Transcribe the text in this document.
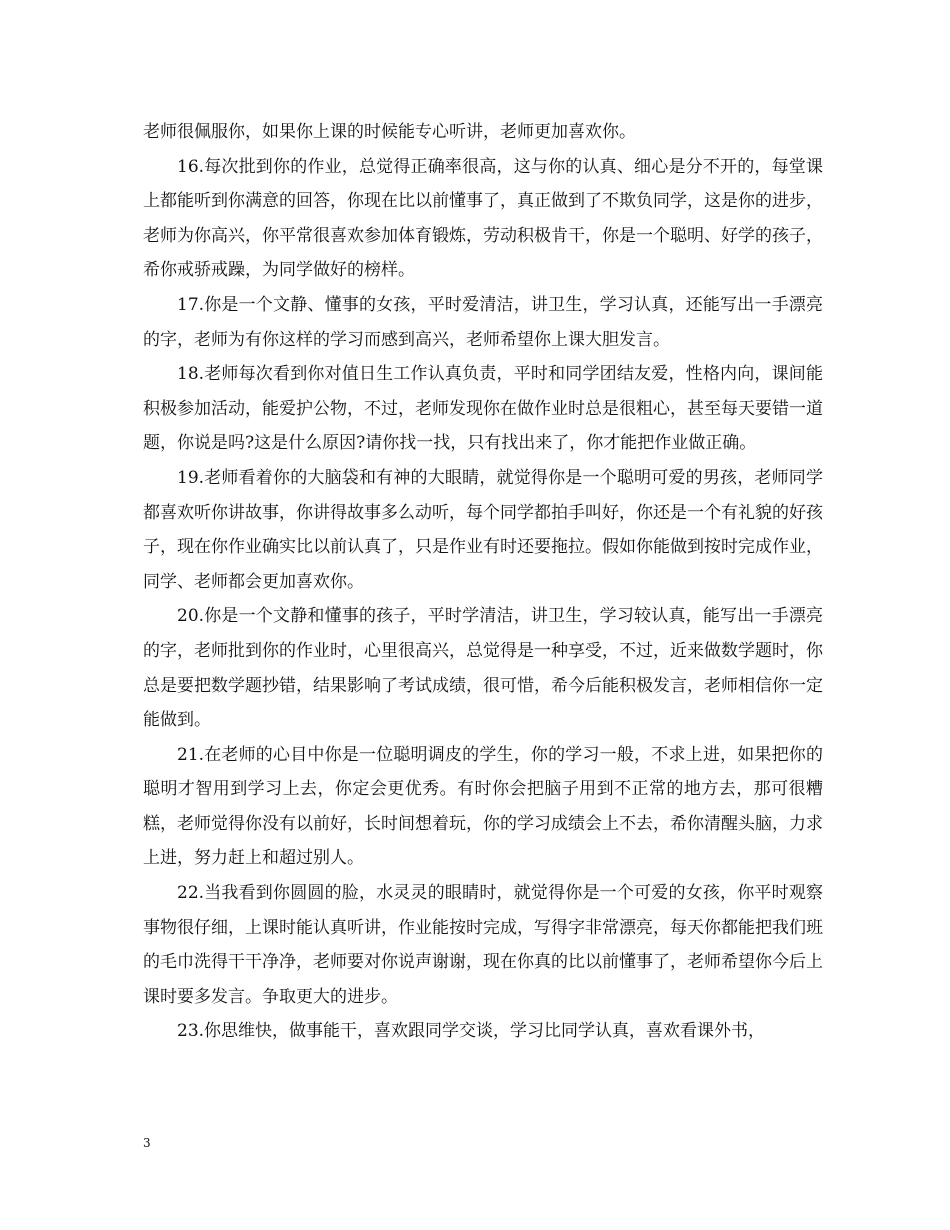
老师很佩服你，如果你上课的时候能专心听讲，老师更加喜欢你。

16.每次批到你的作业，总觉得正确率很高，这与你的认真、细心是分不开的，每堂课上都能听到你满意的回答，你现在比以前懂事了，真正做到了不欺负同学，这是你的进步，老师为你高兴，你平常很喜欢参加体育锻炼，劳动积极肯干，你是一个聪明、好学的孩子，希你戒骄戒躁，为同学做好的榜样。

17.你是一个文静、懂事的女孩，平时爱清洁，讲卫生，学习认真，还能写出一手漂亮的字，老师为有你这样的学习而感到高兴，老师希望你上课大胆发言。

18.老师每次看到你对值日生工作认真负责，平时和同学团结友爱，性格内向，课间能积极参加活动，能爱护公物，不过，老师发现你在做作业时总是很粗心，甚至每天要错一道题，你说是吗?这是什么原因?请你找一找，只有找出来了，你才能把作业做正确。

19.老师看着你的大脑袋和有神的大眼睛，就觉得你是一个聪明可爱的男孩，老师同学都喜欢听你讲故事，你讲得故事多么动听，每个同学都拍手叫好，你还是一个有礼貌的好孩子，现在你作业确实比以前认真了，只是作业有时还要拖拉。假如你能做到按时完成作业，同学、老师都会更加喜欢你。

20.你是一个文静和懂事的孩子，平时学清洁，讲卫生，学习较认真，能写出一手漂亮的字，老师批到你的作业时，心里很高兴，总觉得是一种享受，不过，近来做数学题时，你总是要把数学题抄错，结果影响了考试成绩，很可惜，希今后能积极发言，老师相信你一定能做到。

21.在老师的心目中你是一位聪明调皮的学生，你的学习一般，不求上进，如果把你的聪明才智用到学习上去，你定会更优秀。有时你会把脑子用到不正常的地方去，那可很糟糕，老师觉得你没有以前好，长时间想着玩，你的学习成绩会上不去，希你清醒头脑，力求上进，努力赶上和超过别人。

22.当我看到你圆圆的脸，水灵灵的眼睛时，就觉得你是一个可爱的女孩，你平时观察事物很仔细，上课时能认真听讲，作业能按时完成，写得字非常漂亮，每天你都能把我们班的毛巾洗得干干净净，老师要对你说声谢谢，现在你真的比以前懂事了，老师希望你今后上课时要多发言。争取更大的进步。

23.你思维快，做事能干，喜欢跟同学交谈，学习比同学认真，喜欢看课外书，

3
